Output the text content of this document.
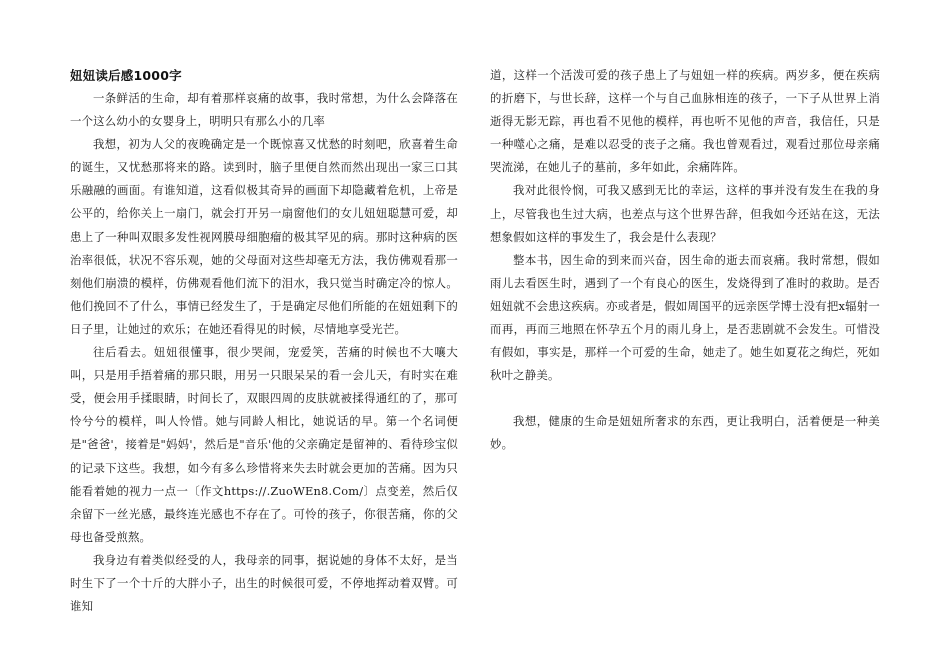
妞妞读后感1000字

一条鲜活的生命，却有着那样哀痛的故事，我时常想，为什么会降落在一个这么幼小的女婴身上，明明只有那么小的几率

我想，初为人父的夜晚确定是一个既惊喜又忧愁的时刻吧，欣喜着生命的诞生，又忧愁那将来的路。读到时，脑子里便自然而然出现出一家三口其乐融融的画面。有谁知道，这看似极其奇异的画面下却隐藏着危机，上帝是公平的，给你关上一扇门，就会打开另一扇窗他们的女儿妞妞聪慧可爱，却患上了一种叫双眼多发性视网膜母细胞瘤的极其罕见的病。那时这种病的医治率很低，状况不容乐观，她的父母面对这些却毫无方法，我仿佛观看那一刻他们崩溃的模样，仿佛观看他们流下的泪水，我只觉当时确定冷的惊人。他们挽回不了什么，事情已经发生了，于是确定尽他们所能的在妞妞剩下的日子里，让她过的欢乐；在她还看得见的时候，尽情地享受光芒。

往后看去。妞妞很懂事，很少哭闹，宠爱笑，苦痛的时候也不大嚷大叫，只是用手捂着痛的那只眼，用另一只眼呆呆的看一会儿天，有时实在难受，便会用手揉眼睛，时间长了，双眼四周的皮肤就被揉得通红的了，那可怜兮兮的模样，叫人怜惜。她与同龄人相比，她说话的早。第一个名词便是"爸爸'，接着是"妈妈'，然后是"音乐'他的父亲确定是留神的、看待珍宝似的记录下这些。我想，如今有多么珍惜将来失去时就会更加的苦痛。因为只能看着她的视力一点一〔作文https://.ZuoWEn8.Com/〕点变差，然后仅余留下一丝光感，最终连光感也不存在了。可怜的孩子，你很苦痛，你的父母也备受煎熬。

我身边有着类似经受的人，我母亲的同事，据说她的身体不太好，是当时生下了一个十斤的大胖小子，出生的时候很可爱，不停地挥动着双臂。可谁知

道，这样一个活泼可爱的孩子患上了与妞妞一样的疾病。两岁多，便在疾病的折磨下，与世长辞，这样一个与自己血脉相连的孩子，一下子从世界上消逝得无影无踪，再也看不见他的模样，再也听不见他的声音，我信任，只是一种噬心之痛，是难以忍受的丧子之痛。我也曾观看过，观看过那位母亲痛哭流涕，在她儿子的墓前，多年如此，余痛阵阵。

我对此很怜悯，可我又感到无比的幸运，这样的事并没有发生在我的身上，尽管我也生过大病，也差点与这个世界告辞，但我如今还站在这，无法想象假如这样的事发生了，我会是什么表现？

整本书，因生命的到来而兴奋，因生命的逝去而哀痛。我时常想，假如雨儿去看医生时，遇到了一个有良心的医生，发烧得到了准时的救助。是否妞妞就不会患这疾病。亦或者是，假如周国平的远亲医学博士没有把x辐射一而再，再而三地照在怀孕五个月的雨儿身上，是否悲剧就不会发生。可惜没有假如，事实是，那样一个可爱的生命，她走了。她生如夏花之绚烂，死如秋叶之静美。

我想，健康的生命是妞妞所奢求的东西，更让我明白，活着便是一种美妙。
